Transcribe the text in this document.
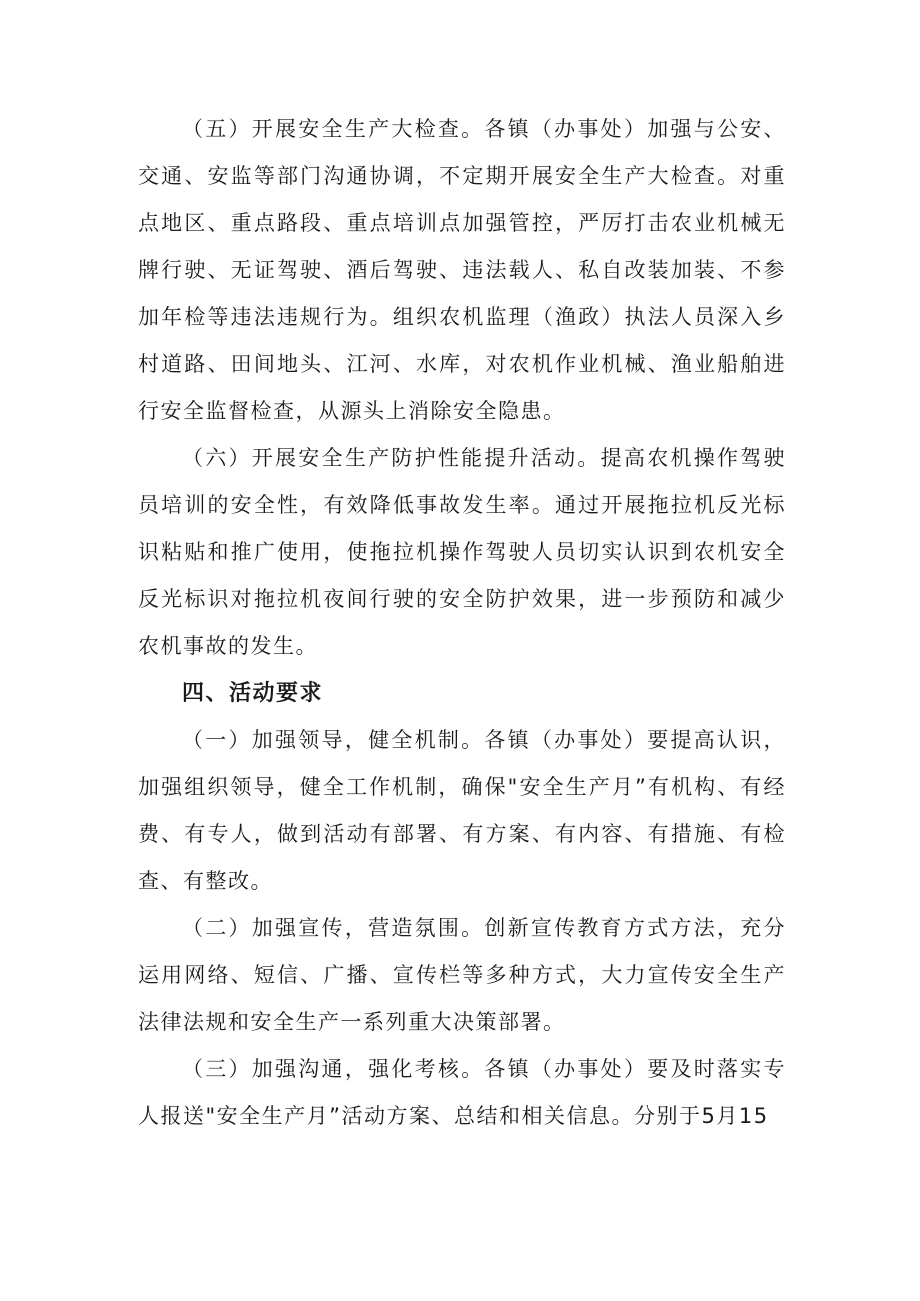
（五）开展安全生产大检查。各镇（办事处）加强与公安、交通、安监等部门沟通协调，不定期开展安全生产大检查。对重点地区、重点路段、重点培训点加强管控，严厉打击农业机械无牌行驶、无证驾驶、酒后驾驶、违法载人、私自改装加装、不参加年检等违法违规行为。组织农机监理（渔政）执法人员深入乡村道路、田间地头、江河、水库，对农机作业机械、渔业船舶进行安全监督检查，从源头上消除安全隐患。

（六）开展安全生产防护性能提升活动。提高农机操作驾驶员培训的安全性，有效降低事故发生率。通过开展拖拉机反光标识粘贴和推广使用，使拖拉机操作驾驶人员切实认识到农机安全反光标识对拖拉机夜间行驶的安全防护效果，进一步预防和减少农机事故的发生。

四、活动要求

（一）加强领导，健全机制。各镇（办事处）要提高认识，加强组织领导，健全工作机制，确保"安全生产月”有机构、有经费、有专人，做到活动有部署、有方案、有内容、有措施、有检查、有整改。

（二）加强宣传，营造氛围。创新宣传教育方式方法，充分运用网络、短信、广播、宣传栏等多种方式，大力宣传安全生产法律法规和安全生产一系列重大决策部署。

（三）加强沟通，强化考核。各镇（办事处）要及时落实专人报送"安全生产月”活动方案、总结和相关信息。分别于5月15
